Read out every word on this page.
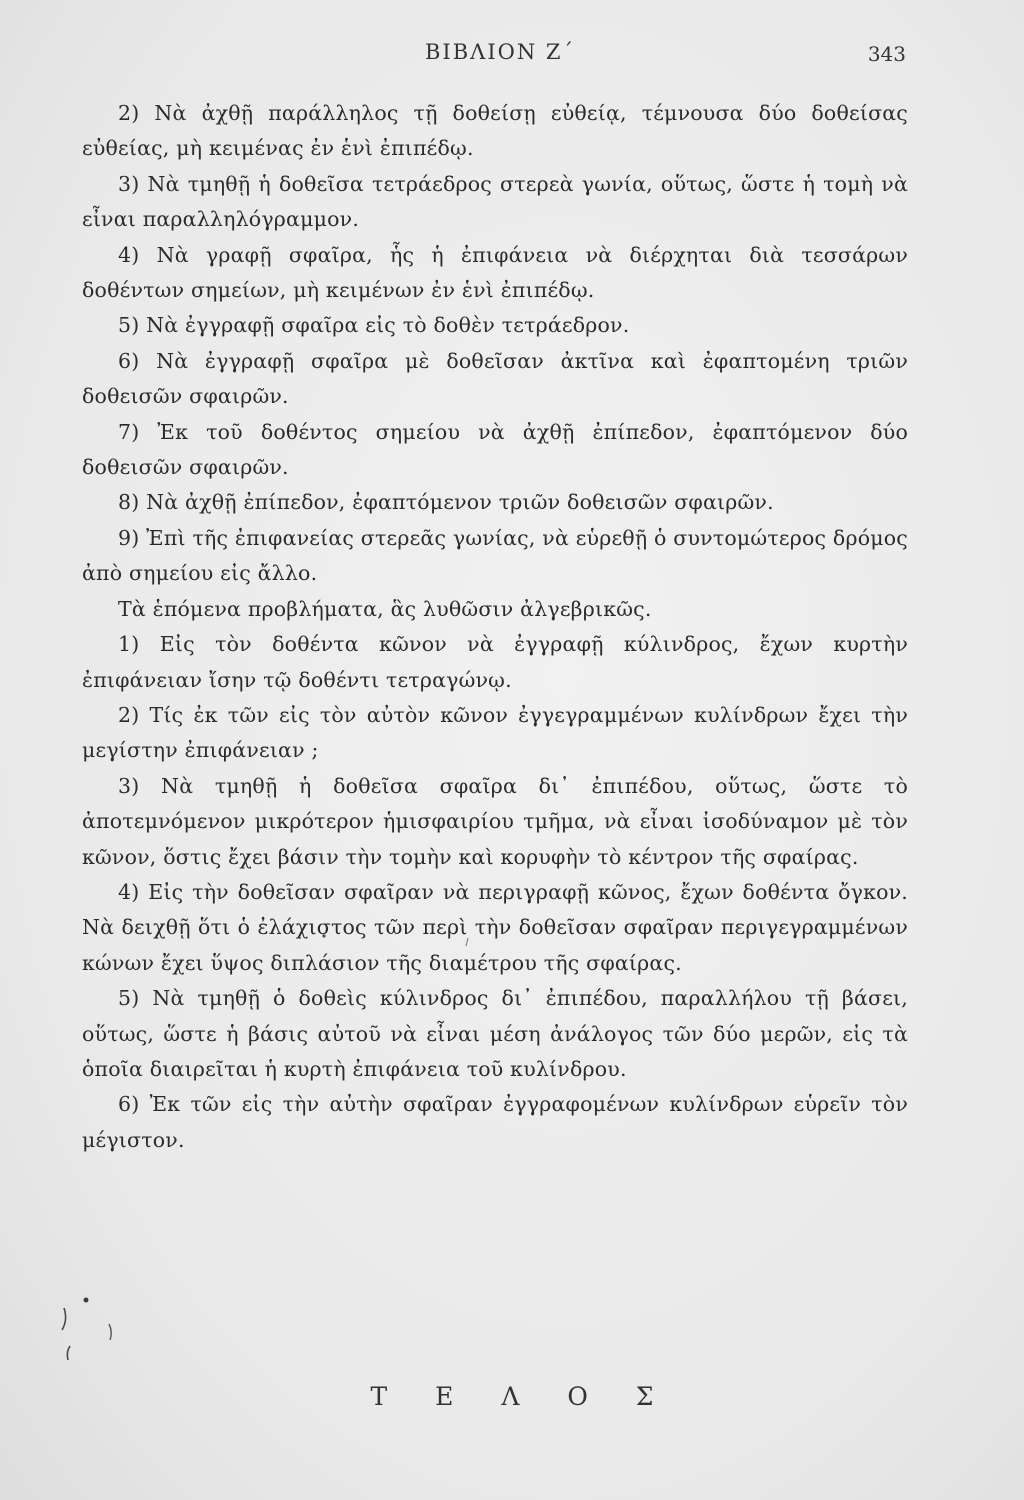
ΒΙΒΛΙΟΝ Ζ΄	343

2) Νὰ ἀχθῇ παράλληλος τῇ δοθείσῃ εὐθείᾳ, τέμνουσα δύο δοθείσας εὐθείας, μὴ κειμένας ἐν ἑνὶ ἐπιπέδῳ.

3) Νὰ τμηθῇ ἡ δοθεῖσα τετράεδρος στερεὰ γωνία, οὕτως, ὥστε ἡ τομὴ νὰ εἶναι παραλληλόγραμμον.

4) Νὰ γραφῇ σφαῖρα, ἧς ἡ ἐπιφάνεια νὰ διέρχηται διὰ τεσσάρων δοθέντων σημείων, μὴ κειμένων ἐν ἑνὶ ἐπιπέδῳ.

5) Νὰ ἐγγραφῇ σφαῖρα εἰς τὸ δοθὲν τετράεδρον.

6) Νὰ ἐγγραφῇ σφαῖρα μὲ δοθεῖσαν ἀκτῖνα καὶ ἐφαπτομένη τριῶν δοθεισῶν σφαιρῶν.

7) Ἐκ τοῦ δοθέντος σημείου νὰ ἀχθῇ ἐπίπεδον, ἐφαπτόμενον δύο δοθεισῶν σφαιρῶν.

8) Νὰ ἀχθῇ ἐπίπεδον, ἐφαπτόμενον τριῶν δοθεισῶν σφαιρῶν.

9) Ἐπὶ τῆς ἐπιφανείας στερεᾶς γωνίας, νὰ εὑρεθῇ ὁ συντομώτερος δρόμος ἀπὸ σημείου εἰς ἄλλο.

Τὰ ἑπόμενα προβλήματα, ἃς λυθῶσιν ἀλγεβρικῶς.

1) Εἰς τὸν δοθέντα κῶνον νὰ ἐγγραφῇ κύλινδρος, ἔχων κυρτὴν ἐπιφάνειαν ἴσην τῷ δοθέντι τετραγώνῳ.

2) Τίς ἐκ τῶν εἰς τὸν αὐτὸν κῶνον ἐγγεγραμμένων κυλίνδρων ἔχει τὴν μεγίστην ἐπιφάνειαν ;

3) Νὰ τμηθῇ ἡ δοθεῖσα σφαῖρα δι᾽ ἐπιπέδου, οὕτως, ὥστε τὸ ἀποτεμνόμενον μικρότερον ἡμισφαιρίου τμῆμα, νὰ εἶναι ἰσοδύναμον μὲ τὸν κῶνον, ὅστις ἔχει βάσιν τὴν τομὴν καὶ κορυφὴν τὸ κέντρον τῆς σφαίρας.

4) Εἰς τὴν δοθεῖσαν σφαῖραν νὰ περιγραφῇ κῶνος, ἔχων δοθέντα ὄγκον. Νὰ δειχθῇ ὅτι ὁ ἐλάχιστος τῶν περὶ τὴν δοθεῖσαν σφαῖραν περιγεγραμμένων κώνων ἔχει ὕψος διπλάσιον τῆς διαμέτρου τῆς σφαίρας.

5) Νὰ τμηθῇ ὁ δοθεὶς κύλινδρος δι᾽ ἐπιπέδου, παραλλήλου τῇ βάσει, οὕτως, ὥστε ἡ βάσις αὐτοῦ νὰ εἶναι μέση ἀνάλογος τῶν δύο μερῶν, εἰς τὰ ὁποῖα διαιρεῖται ἡ κυρτὴ ἐπιφάνεια τοῦ κυλίνδρου.

6) Ἐκ τῶν εἰς τὴν αὐτὴν σφαῖραν ἐγγραφομένων κυλίνδρων εὑρεῖν τὸν μέγιστον.

Τ Ε Λ Ο Σ
